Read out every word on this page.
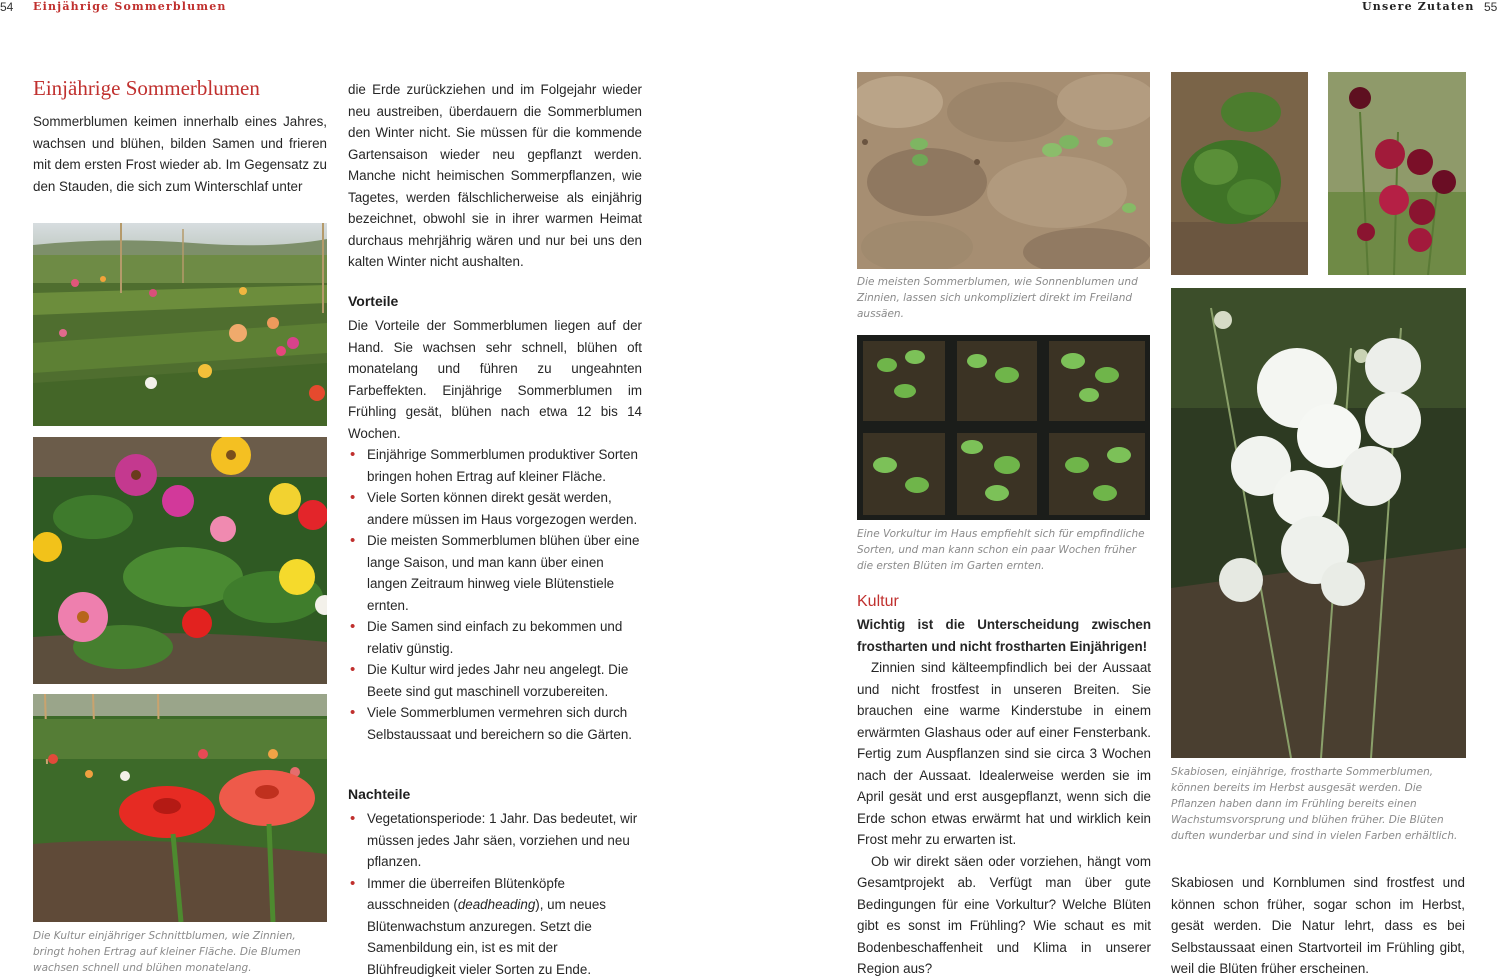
54 Einjährige Sommerblumen	Unsere Zutaten 55
Einjährige Sommerblumen
Sommerblumen keimen innerhalb eines Jahres, wachsen und blühen, bilden Samen und frieren mit dem ersten Frost wieder ab. Im Gegensatz zu den Stauden, die sich zum Winterschlaf unter
Die Kultur einjähriger Schnittblumen, wie Zinnien, bringt hohen Ertrag auf kleiner Fläche. Die Blumen wachsen schnell und blühen monatelang.
die Erde zurückziehen und im Folgejahr wieder neu austreiben, überdauern die Sommerblumen den Winter nicht. Sie müssen für die kommende Gartensaison wieder neu gepflanzt werden. Manche nicht heimischen Sommerpflanzen, wie Tagetes, werden fälschlicherweise als einjährig bezeichnet, obwohl sie in ihrer warmen Heimat durchaus mehrjährig wären und nur bei uns den kalten Winter nicht aushalten.
Vorteile

Die Vorteile der Sommerblumen liegen auf der Hand. Sie wachsen sehr schnell, blühen oft monatelang und führen zu ungeahnten Farbeffekten. Einjährige Sommerblumen im Frühling gesät, blühen nach etwa 12 bis 14 Wochen.

• Einjährige Sommerblumen produktiver Sorten bringen hohen Ertrag auf kleiner Fläche.
• Viele Sorten können direkt gesät werden, andere müssen im Haus vorgezogen werden.
• Die meisten Sommerblumen blühen über eine lange Saison, und man kann über einen langen Zeitraum hinweg viele Blütenstiele ernten.
• Die Samen sind einfach zu bekommen und relativ günstig.
• Die Kultur wird jedes Jahr neu angelegt. Die Beete sind gut maschinell vorzubereiten.
• Viele Sommerblumen vermehren sich durch Selbstaussaat und bereichern so die Gärten.
Nachteile
• Vegetationsperiode: 1 Jahr. Das bedeutet, wir müssen jedes Jahr säen, vorziehen und neu pflanzen.
• Immer die überreifen Blütenköpfe ausschneiden (deadheading), um neues Blütenwachstum anzuregen. Setzt die Samenbildung ein, ist es mit der Blühfreudigkeit vieler Sorten zu Ende.
Die meisten Sommerblumen, wie Sonnenblumen und Zinnien, lassen sich unkompliziert direkt im Freiland aussäen.
Eine Vorkultur im Haus empfiehlt sich für empfindliche Sorten, und man kann schon ein paar Wochen früher die ersten Blüten im Garten ernten.
Kultur

Wichtig ist die Unterscheidung zwischen frostharten und nicht frostharten Einjährigen!

Zinnien sind kälteempfindlich bei der Aussaat und nicht frostfest in unseren Breiten. Sie brauchen eine warme Kinderstube in einem erwärmten Glashaus oder auf einer Fensterbank. Fertig zum Auspflanzen sind sie circa 3 Wochen nach der Aussaat. Idealerweise werden sie im April gesät und erst ausgepflanzt, wenn sich die Erde schon etwas erwärmt hat und wirklich kein Frost mehr zu erwarten ist.

Ob wir direkt säen oder vorziehen, hängt vom Gesamtprojekt ab. Verfügt man über gute Bedingungen für eine Vorkultur? Welche Blüten gibt es sonst im Frühling? Wie schaut es mit Bodenbeschaffenheit und Klima in unserer Region aus?

Skabiosen, einjährige, frostharte Sommerblumen, können bereits im Herbst ausgesät werden. Die Pflanzen haben dann im Frühling bereits einen Wachstumsvorsprung und blühen früher. Die Blüten duften wunderbar und sind in vielen Farben erhältlich.
Skabiosen und Kornblumen sind frostfest und können schon früher, sogar schon im Herbst, gesät werden. Die Natur lehrt, dass es bei Selbstaussaat einen Startvorteil im Frühling gibt, weil die Blüten früher erscheinen.
